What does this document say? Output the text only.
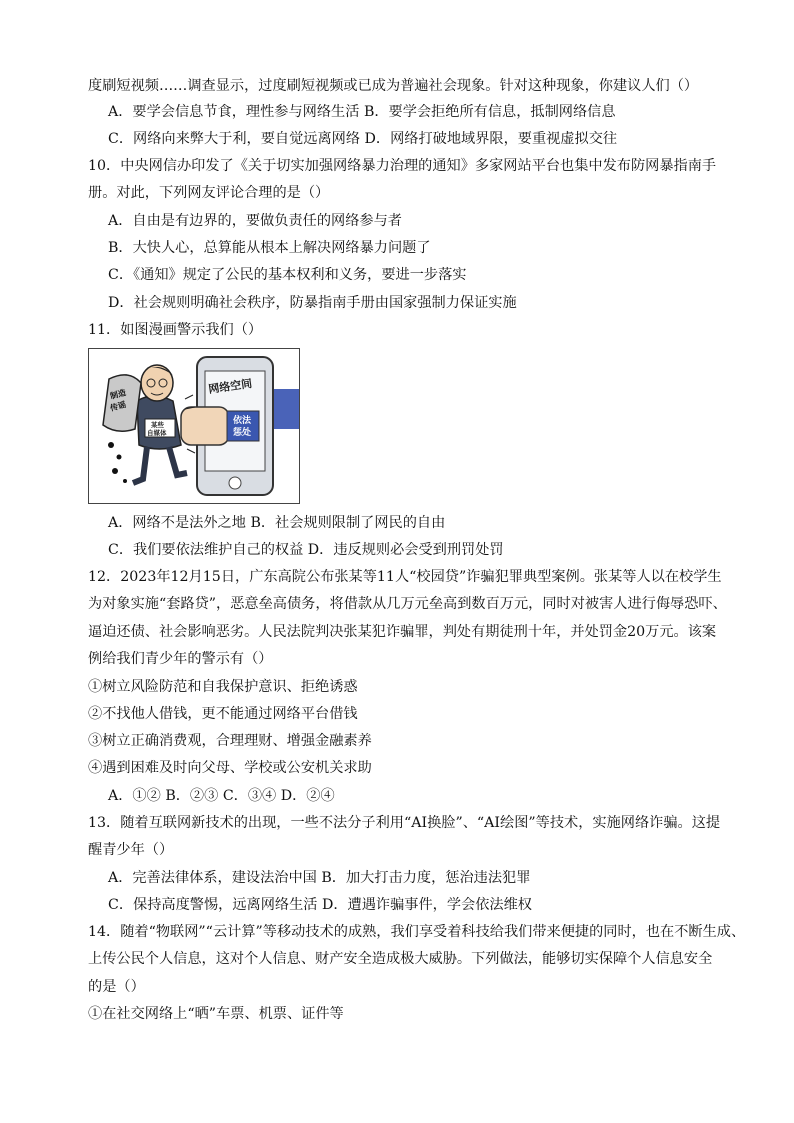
度刷短视频……调查显示，过度刷短视频或已成为普遍社会现象。针对这种现象，你建议人们（）
A．要学会信息节食，理性参与网络生活 B．要学会拒绝所有信息，抵制网络信息
C．网络向来弊大于利，要自觉远离网络 D．网络打破地域界限，要重视虚拟交往
10．中央网信办印发了《关于切实加强网络暴力治理的通知》多家网站平台也集中发布防网暴指南手
册。对此，下列网友评论合理的是（）
A．自由是有边界的，要做负责任的网络参与者
B．大快人心，总算能从根本上解决网络暴力问题了
C．《通知》规定了公民的基本权利和义务，要进一步落实
D．社会规则明确社会秩序，防暴指南手册由国家强制力保证实施
11．如图漫画警示我们（）
网络空间
依法
惩处
某些
自媒体
制造
传谣
A．网络不是法外之地 B．社会规则限制了网民的自由
C．我们要依法维护自己的权益 D．违反规则必会受到刑罚处罚
12．2023年12月15日，广东高院公布张某等11人“校园贷”诈骗犯罪典型案例。张某等人以在校学生
为对象实施“套路贷”，恶意垒高债务，将借款从几万元垒高到数百万元，同时对被害人进行侮辱恐吓、
逼迫还债、社会影响恶劣。人民法院判决张某犯诈骗罪，判处有期徒刑十年，并处罚金20万元。该案
例给我们青少年的警示有（）
①树立风险防范和自我保护意识、拒绝诱惑
②不找他人借钱，更不能通过网络平台借钱
③树立正确消费观，合理理财、增强金融素养
④遇到困难及时向父母、学校或公安机关求助
A．①② B．②③ C．③④ D．②④
13．随着互联网新技术的出现，一些不法分子利用“AI换脸”、“AI绘图”等技术，实施网络诈骗。这提
醒青少年（）
A．完善法律体系，建设法治中国 B．加大打击力度，惩治违法犯罪
C．保持高度警惕，远离网络生活 D．遭遇诈骗事件，学会依法维权
14．随着“物联网”“云计算”等移动技术的成熟，我们享受着科技给我们带来便捷的同时，也在不断生成、
上传公民个人信息，这对个人信息、财产安全造成极大威胁。下列做法，能够切实保障个人信息安全
的是（）
①在社交网络上“晒”车票、机票、证件等
